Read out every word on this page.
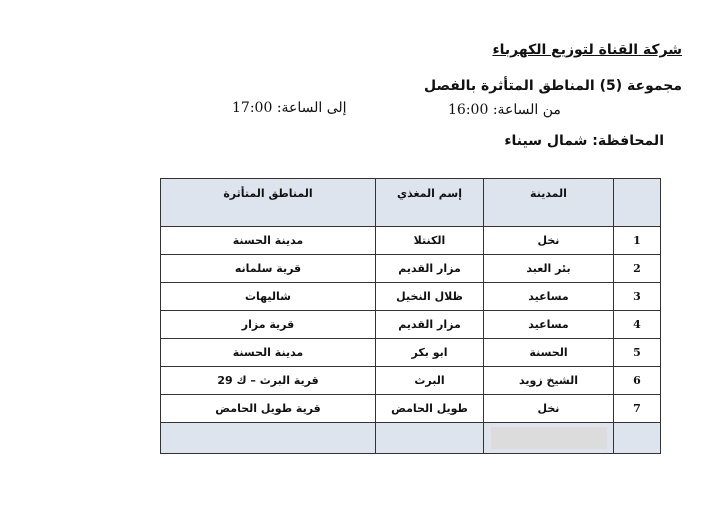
شركة القناة لتوزيع الكهرباء
مجموعة (5) المناطق المتأثرة بالفصل
من الساعة: 16:00
إلى الساعة: 17:00
المحافظة: شمال سيناء
المناطق المتأثرة	إسم المغذي	المدينة	
مدينة الحسنة	الكنتلا	نخل	1
قرية سلمانه	مزار القديم	بئر العبد	2
شاليهات	ظلال النخيل	مساعيد	3
قرية مزار	مزار القديم	مساعيد	4
مدينة الحسنة	ابو بكر	الحسنة	5
قرية البرث – ك 29	البرث	الشيخ زويد	6
قرية طويل الحامض	طويل الحامض	نخل	7
